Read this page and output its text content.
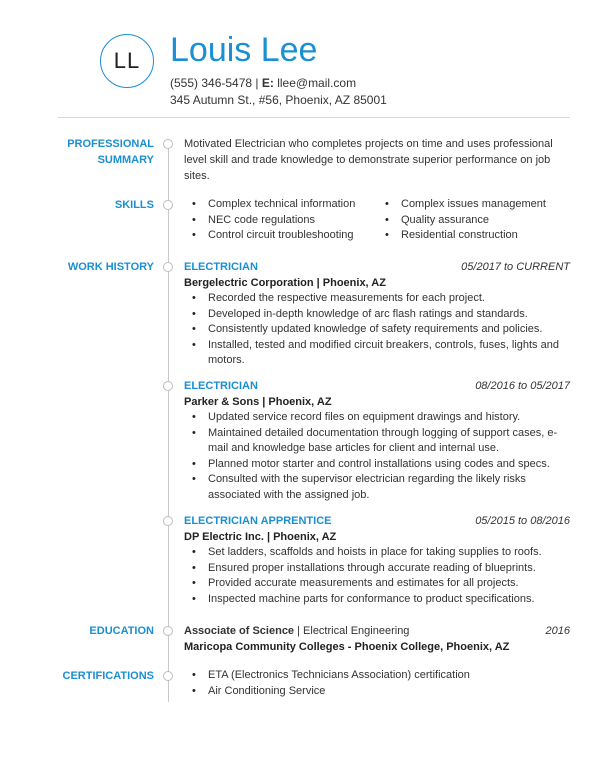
LL Louis Lee
(555) 346-5478 | E: llee@mail.com
345 Autumn St., #56, Phoenix, AZ 85001
PROFESSIONAL
SUMMARY
Motivated Electrician who completes projects on time and uses professional level skill and trade knowledge to demonstrate superior performance on job sites.
SKILLS	• Complex technical information
• NEC code regulations
• Control circuit troubleshooting
• Complex issues management
• Quality assurance
• Residential construction
WORK HISTORY	ELECTRICIAN	05/2017 to CURRENT
Bergelectric Corporation | Phoenix, AZ
• Recorded the respective measurements for each project.
• Developed in-depth knowledge of arc flash ratings and standards.
• Consistently updated knowledge of safety requirements and policies.
• Installed, tested and modified circuit breakers, controls, fuses, lights and motors.
ELECTRICIAN	08/2016 to 05/2017
Parker & Sons | Phoenix, AZ
• Updated service record files on equipment drawings and history.
• Maintained detailed documentation through logging of support cases, e-mail and knowledge base articles for client and internal use.
• Planned motor starter and control installations using codes and specs.
• Consulted with the supervisor electrician regarding the likely risks associated with the assigned job.
ELECTRICIAN APPRENTICE	05/2015 to 08/2016
DP Electric Inc. | Phoenix, AZ
• Set ladders, scaffolds and hoists in place for taking supplies to roofs.
• Ensured proper installations through accurate reading of blueprints.
• Provided accurate measurements and estimates for all projects.
• Inspected machine parts for conformance to product specifications.
EDUCATION	Associate of Science | Electrical Engineering	2016
Maricopa Community Colleges - Phoenix College, Phoenix, AZ
CERTIFICATIONS	• ETA (Electronics Technicians Association) certification
• Air Conditioning Service
